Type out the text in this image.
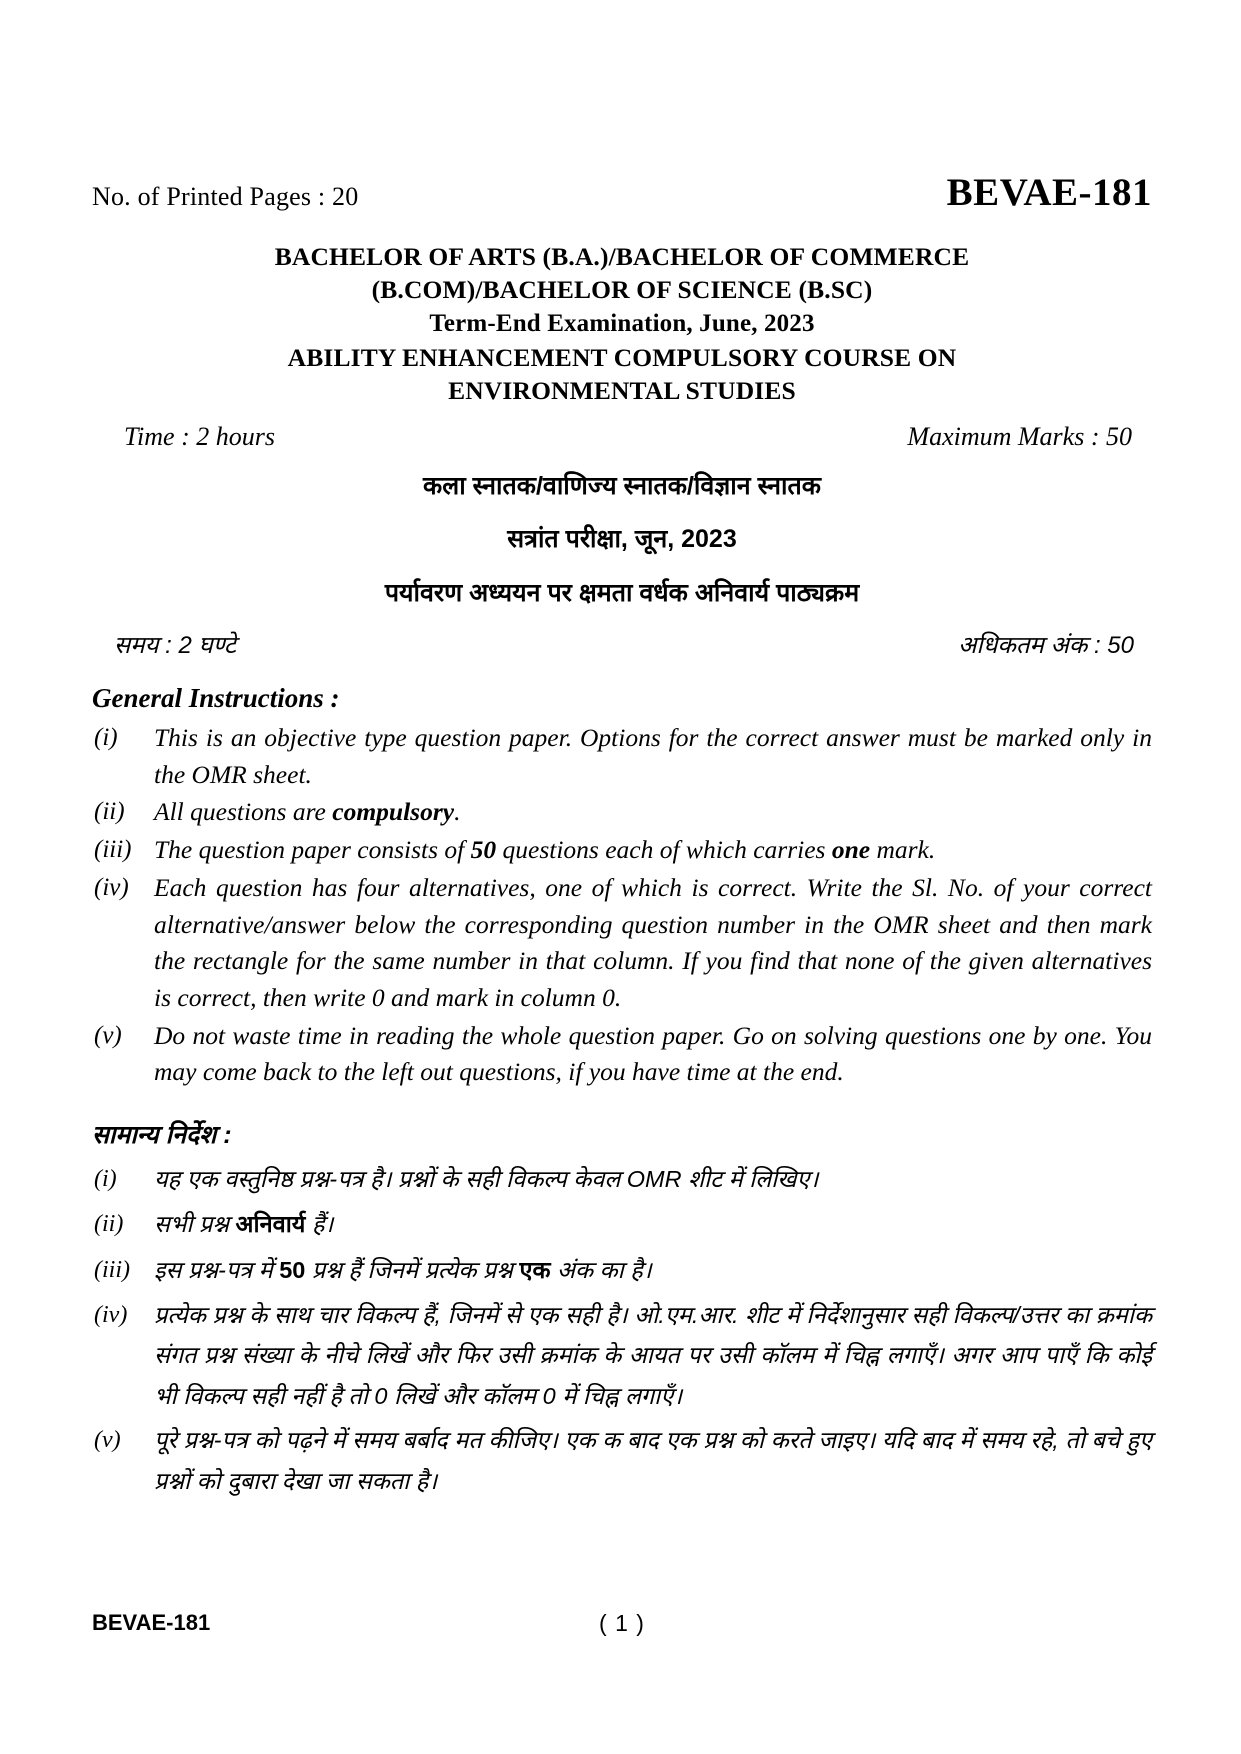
No. of Printed Pages : 20	BEVAE-181
BACHELOR OF ARTS (B.A.)/BACHELOR OF COMMERCE
(B.COM)/BACHELOR OF SCIENCE (B.SC)
Term-End Examination, June, 2023
ABILITY ENHANCEMENT COMPULSORY COURSE ON
ENVIRONMENTAL STUDIES
Time : 2 hours	Maximum Marks : 50
कला स्नातक/वाणिज्य स्नातक/विज्ञान स्नातक
सत्रांत परीक्षा, जून, 2023
पर्यावरण अध्ययन पर क्षमता वर्धक अनिवार्य पाठ्यक्रम
समय : 2 घण्टे	अधिकतम अंक : 50
General Instructions :
(i)	This is an objective type question paper. Options for the correct answer must be marked only in the OMR sheet.
(ii)	All questions are compulsory.
(iii) The question paper consists of 50 questions each of which carries one mark.
(iv) Each question has four alternatives, one of which is correct. Write the Sl. No. of your correct alternative/answer below the corresponding question number in the OMR sheet and then mark the rectangle for the same number in that column. If you find that none of the given alternatives is correct, then write 0 and mark in column 0.
(v)	Do not waste time in reading the whole question paper. Go on solving questions one by one. You may come back to the left out questions, if you have time at the end.
सामान्य निर्देश :
(i)	यह एक वस्तुनिष्ठ प्रश्न-पत्र है। प्रश्नों के सही विकल्प केवल OMR शीट में लिखिए।
(ii)	सभी प्रश्न अनिवार्य हैं।
(iii)	इस प्रश्न-पत्र में 50 प्रश्न हैं जिनमें प्रत्येक प्रश्न एक अंक का है।
(iv)	प्रत्येक प्रश्न के साथ चार विकल्प हैं, जिनमें से एक सही है। ओ.एम.आर. शीट में निर्देशानुसार सही विकल्प/उत्तर का क्रमांक संगत प्रश्न संख्या के नीचे लिखें और फिर उसी क्रमांक के आयत पर उसी कॉलम में चिह्न लगाएँ। अगर आप पाएँ कि कोई भी विकल्प सही नहीं है तो 0 लिखें और कॉलम 0 में चिह्न लगाएँ।
(v)	पूरे प्रश्न-पत्र को पढ़ने में समय बर्बाद मत कीजिए। एक क बाद एक प्रश्न को करते जाइए। यदि बाद में समय रहे, तो बचे हुए प्रश्नों को दुबारा देखा जा सकता है।
BEVAE-181	( 1 )
